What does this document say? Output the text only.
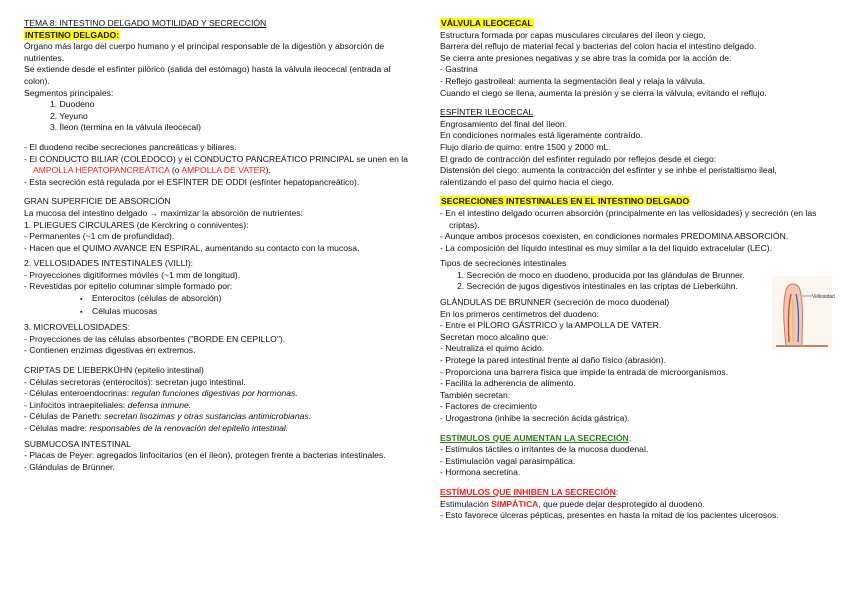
TEMA 8: INTESTINO DELGADO MOTILIDAD Y SECRECCIÓN

INTESTINO DELGADO:

Órgano más largo del cuerpo humano y el principal responsable de la digestión y absorción de nutrientes.

Se extiende desde el esfínter pilórico (salida del estómago) hasta la válvula ileocecal (entrada al colon).

Segmentos principales:

1. Duodeno

2. Yeyuno

3. Íleon (termina en la válvula ileocecal)

- El duodeno recibe secreciones pancreáticas y biliares.

- El CONDUCTO BILIAR (COLÉDOCO) y el CONDUCTO PANCREÁTICO PRINCIPAL se unen en la AMPOLLA HEPATOPANCREÁTICA (o AMPOLLA DE VATER).

- Esta secreción está regulada por el ESFÍNTER DE ODDI (esfínter hepatopancreático).

GRAN SUPERFICIE DE ABSORCIÓN

La mucosa del intestino delgado → maximizar la absorción de nutrientes:

1. PLIEGUES CIRCULARES (de Kerckring o conniventes):

- Permanentes (~1 cm de profundidad).

- Hacen que el QUIMO AVANCE EN ESPIRAL, aumentando su contacto con la mucosa.

2. VELLOSIDADES INTESTINALES (VILLI):

- Proyecciones digitiformes móviles (~1 mm de longitud).

- Revestidas por epitelio columnar simple formado por:

▪ Enterocitos (células de absorción)

▪ Células mucosas

3. MICROVELLOSIDADES:

- Proyecciones de las células absorbentes ("BORDE EN CEPILLO").

- Contienen enzimas digestivas en extremos.

CRIPTAS DE LIEBERKÜHN (epitelio intestinal)

- Células secretoras (enterocitos): secretan jugo intestinal.

- Células enteroendocrinas: regulan funciones digestivas por hormonas.

- Linfocitos intraepiteliales: defensa inmune.

- Células de Paneth: secretan lisozimas y otras sustancias antimicrobianas.

- Células madre: responsables de la renovación del epitelio intestinal.

SUBMUCOSA INTESTINAL

- Placas de Peyer: agregados linfocitarios (en el íleon), protegen frente a bacterias intestinales.

- Glándulas de Brünner.

VÁLVULA ILEOCECAL

Estructura formada por capas musculares circulares del íleon y ciego,

Barrera del reflujo de material fecal y bacterias del colon hacia el intestino delgado.

Se cierra ante presiones negativas y se abre tras la comida por la acción de:

- Gastrina

- Reflejo gastroileal: aumenta la segmentación ileal y relaja la válvula.

Cuando el ciego se llena, aumenta la presión y se cierra la válvula, evitando el reflujo.

ESFÍNTER ILEOCECAL

Engrosamiento del final del íleon.

En condiciones normales está ligeramente contraído.

Flujo diario de quimo: entre 1500 y 2000 mL.

El grado de contracción del esfínter regulado por reflejos desde el ciego:

Distensión del ciego: aumenta la contracción del esfínter y se inhbe el peristaltismo ileal, ralentizando el paso del quimo hacia el ciego.

SECRECIONES INTESTINALES EN EL INTESTINO DELGADO

- En el intestino delgado ocurren absorción (principalmente en las vellosidades) y secreción (en las criptas).

- Aunque ambos procesos coexisten, en condiciones normales PREDOMINA ABSORCIÓN.

- La composición del líquido intestinal es muy similar a la del líquido extracelular (LEC).

Tipos de secreciones intestinales

1. Secreción de moco en duodeno, producida por las glándulas de Brunner.

2. Secreción de jugos digestivos intestinales en las criptas de Lieberkühn.

GLÁNDULAS DE BRUNNER (secreción de moco duodenal)

En los primeros centímetros del duodeno:

- Entre el PÍLORO GÁSTRICO y la AMPOLLA DE VATER.

Secretan moco alcalino que:

- Neutraliza el quimo ácido.

- Protege la pared intestinal frente al daño físico (abrasión).

- Proporciona una barrera física que impide la entrada de microorganismos.

- Facilita la adherencia de alimento.

También secretan:

- Factores de crecimiento

- Urogastrona (inhibe la secreción ácida gástrica).

ESTÍMULOS QUE AUMENTAN LA SECRECIÓN:

- Estímulos táctiles o irritantes de la mucosa duodenal.

- Estimulación vagal parasimpática.

- Hormona secretina.

ESTÍMULOS QUE INHIBEN LA SECRECIÓN:

Estimulación SIMPÁTICA, que puede dejar desprotegido al duodeno.

- Esto favorece úlceras pépticas, presentes en hasta la mitad de los pacientes ulcerosos.

Vellosidad
